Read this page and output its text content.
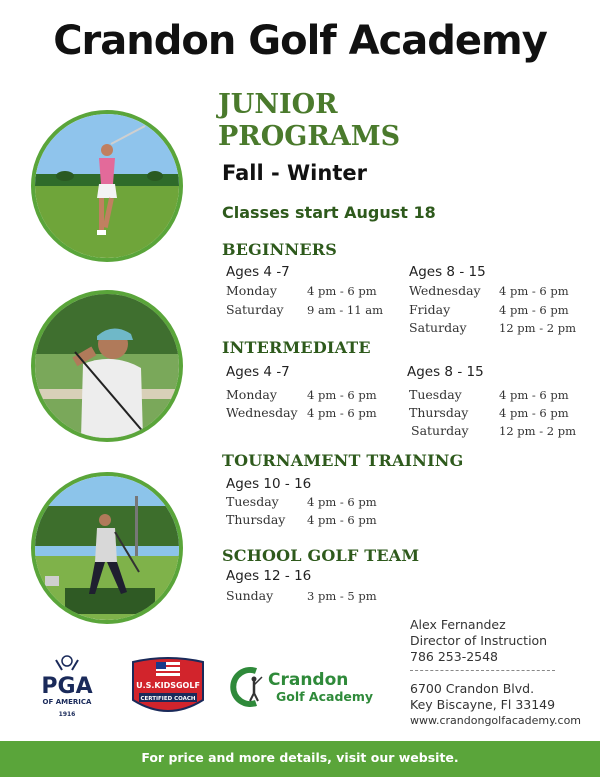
Crandon Golf Academy
JUNIOR
PROGRAMS
Fall - Winter
Classes start August 18
BEGINNERS
Ages 4 -7
Monday	4 pm - 6 pm
Saturday 9 am - 11 am
Ages 8 - 15
Wednesday 4 pm - 6 pm
Friday	4 pm - 6 pm
Saturday	12 pm - 2 pm
INTERMEDIATE
Ages 4 -7
Monday	4 pm - 6 pm
Wednesday 4 pm - 6 pm
Ages 8 - 15
Tuesday	4 pm - 6 pm
Thursday	4 pm - 6 pm
Saturday	12 pm - 2 pm
TOURNAMENT TRAINING
Ages 10 - 16
Tuesday 4 pm - 6 pm
Thursday 4 pm - 6 pm
SCHOOL GOLF TEAM
Ages 12 - 16
Sunday	3 pm - 5 pm
Alex Fernandez
Director of Instruction
786 253-2548
6700 Crandon Blvd.
Key Biscayne, Fl 33149
www.crandongolfacademy.com
PGA
OF AMERICA
1916
U.S.KIDSGOLF
CERTIFIED COACH
Crandon
Golf Academy
For price and more details, visit our website.
